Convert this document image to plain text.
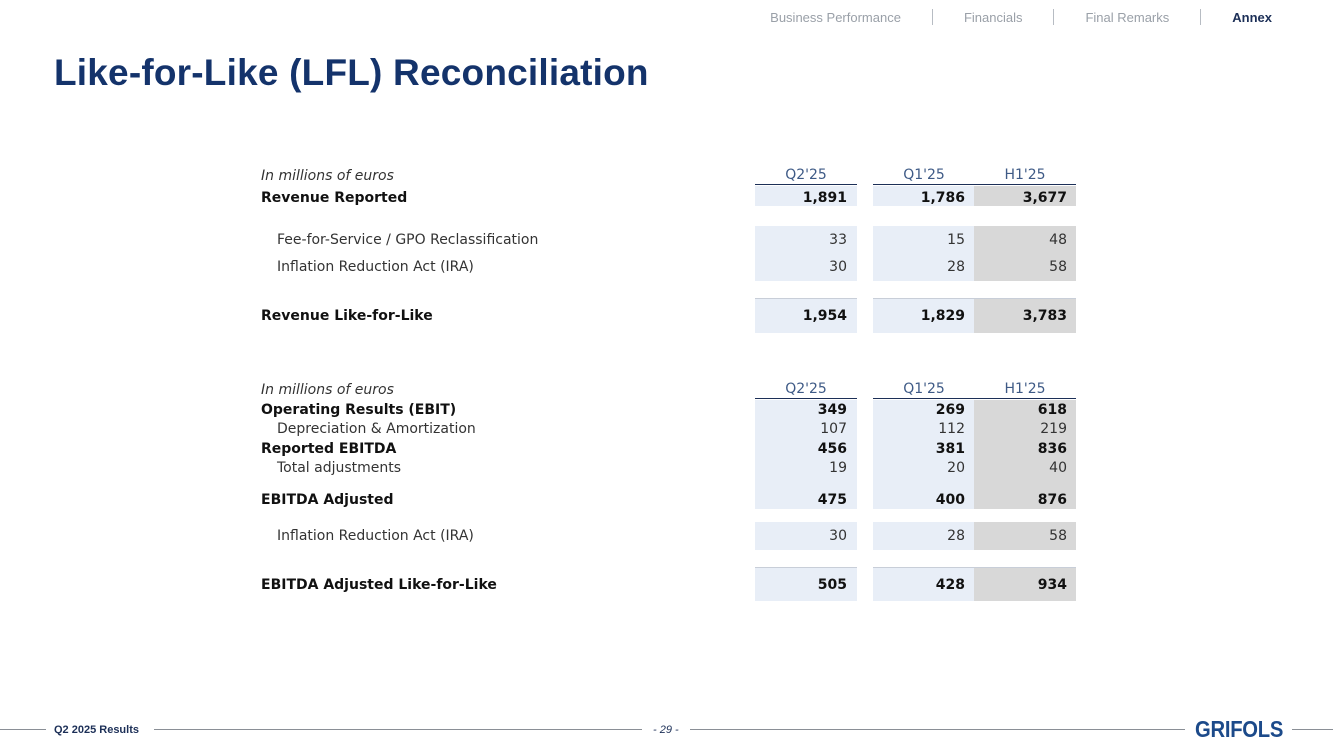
Business Performance	Financials	Final Remarks	Annex
Like-for-Like (LFL) Reconciliation
In millions of euros	Q2'25	Q1'25	H1'25
Revenue Reported	1,891	1,786	3,677
Fee-for-Service / GPO Reclassification	33	15	48
Inflation Reduction Act (IRA)	30	28	58
Revenue Like-for-Like	1,954	1,829	3,783
In millions of euros	Q2'25	Q1'25	H1'25
Operating Results (EBIT)	349	269	618
Depreciation & Amortization	107	112	219
Reported EBITDA	456	381	836
Total adjustments	19	20	40
EBITDA Adjusted	475	400	876
Inflation Reduction Act (IRA)	30	28	58
EBITDA Adjusted Like-for-Like	505	428	934
Q2 2025 Results	- 29 -	GRIFOLS
